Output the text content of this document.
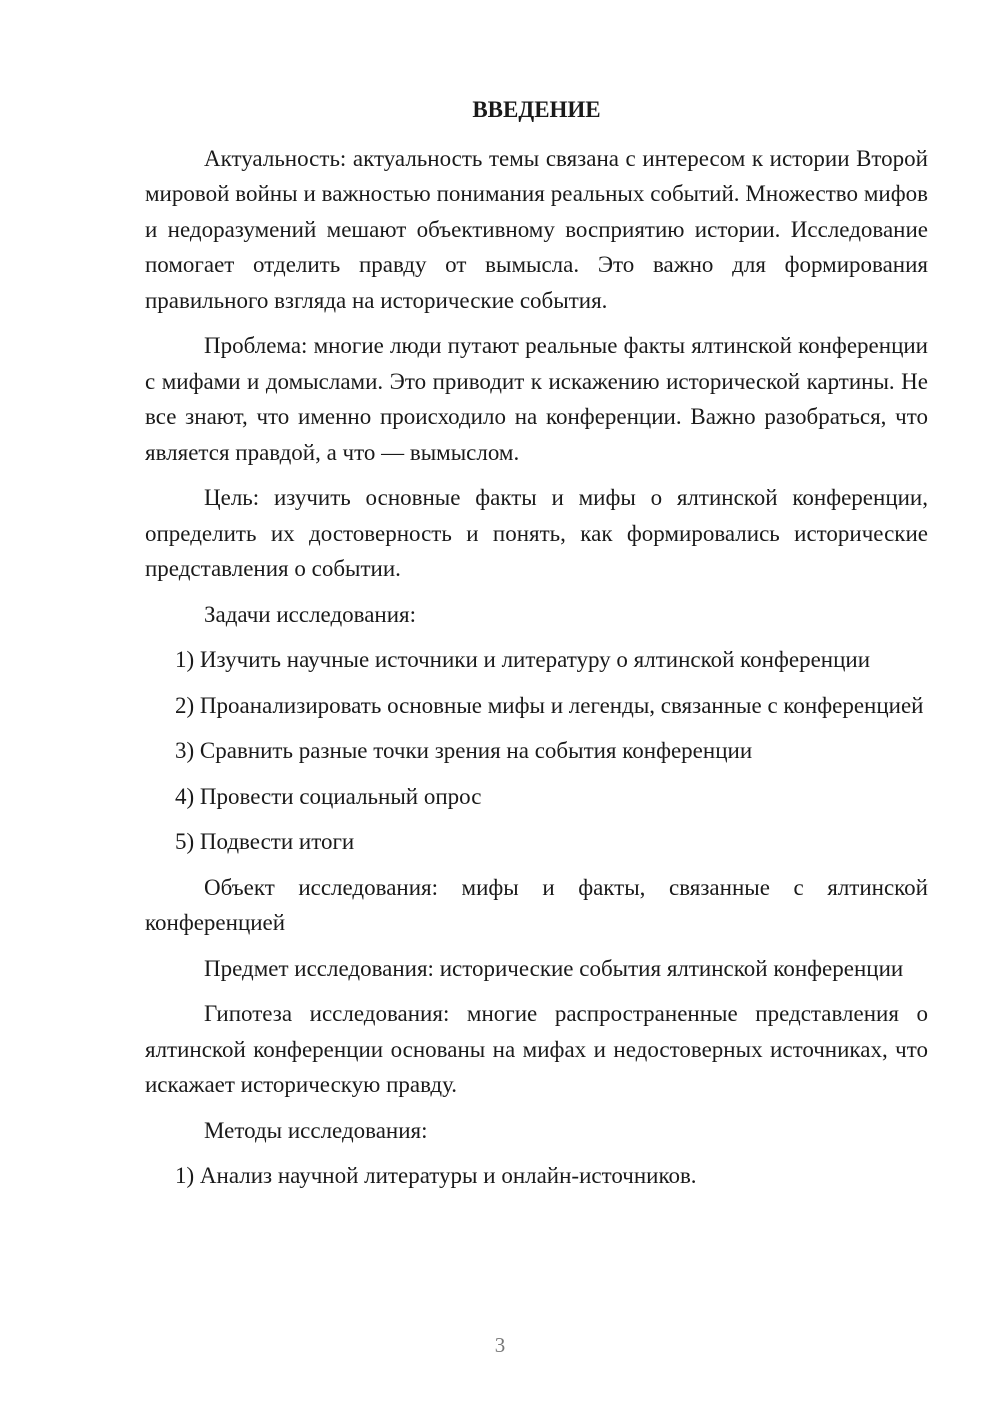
ВВЕДЕНИЕ

Актуальность: актуальность темы связана с интересом к истории Второй мировой войны и важностью понимания реальных событий. Множество мифов и недоразумений мешают объективному восприятию истории. Исследование помогает отделить правду от вымысла. Это важно для формирования правильного взгляда на исторические события.

Проблема: многие люди путают реальные факты ялтинской конференции с мифами и домыслами. Это приводит к искажению исторической картины. Не все знают, что именно происходило на конференции. Важно разобраться, что является правдой, а что — вымыслом.

Цель: изучить основные факты и мифы о ялтинской конференции, определить их достоверность и понять, как формировались исторические представления о событии.

Задачи исследования:

1) Изучить научные источники и литературу о ялтинской конференции

2) Проанализировать основные мифы и легенды, связанные с конференцией

3) Сравнить разные точки зрения на события конференции

4) Провести социальный опрос

5) Подвести итоги

Объект исследования: мифы и факты, связанные с ялтинской конференцией

Предмет исследования: исторические события ялтинской конференции

Гипотеза исследования: многие распространенные представления о ялтинской конференции основаны на мифах и недостоверных источниках, что искажает историческую правду.

Методы исследования:

1) Анализ научной литературы и онлайн-источников.

3
